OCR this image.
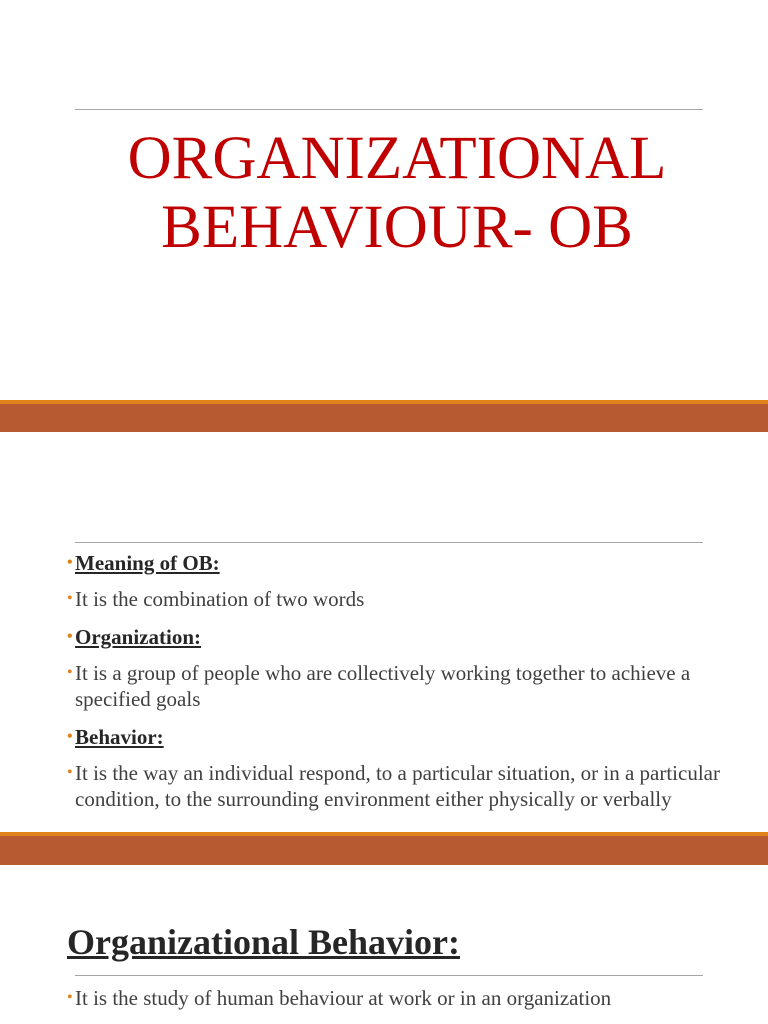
ORGANIZATIONAL BEHAVIOUR- OB
• Meaning of OB:
• It is the combination of two words
• Organization:
• It is a group of people who are collectively working together to achieve a specified goals
• Behavior:
• It is the way an individual respond, to a particular situation, or in a particular condition, to the surrounding environment either physically or verbally
Organizational Behavior:
• It is the study of human behaviour at work or in an organization
